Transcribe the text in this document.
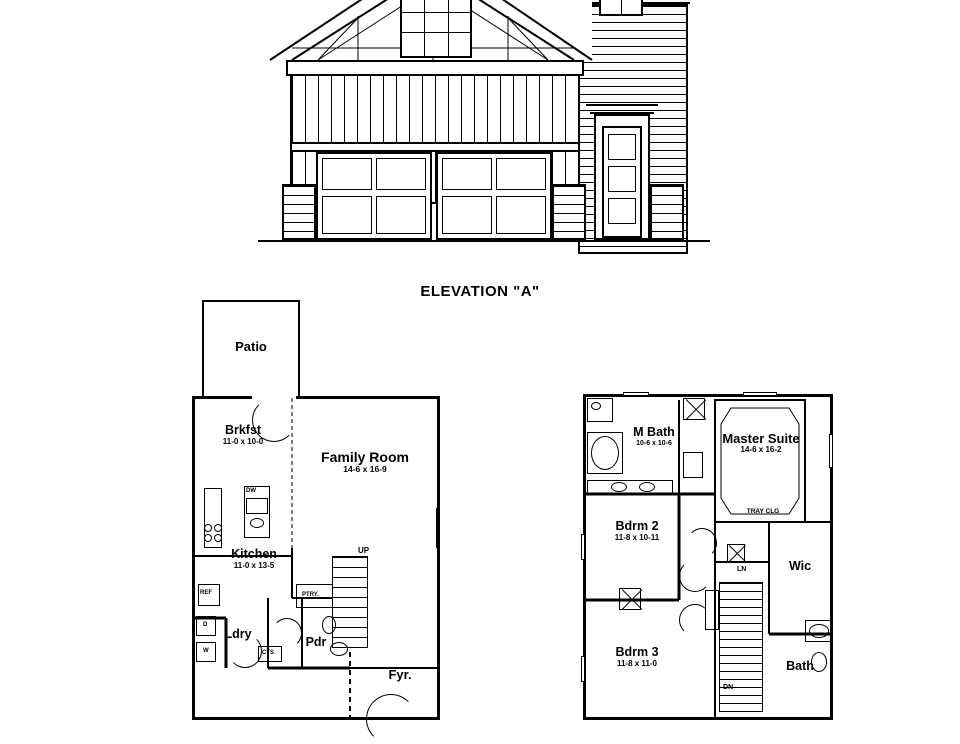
ELEVATION "A"
Patio
Brkfst
11-0 x 10-0
Family Room
14-6 x 16-9
Kitchen
11-0 x 13-5
DW
REF	PTRY.
UP
Ldry
D
W	CTS
Pdr
Fyr.
Master Suite
14-6 x 16-2
TRAY CLG
M Bath
10-6 x 10-6
Bdrm 2
11-8 x 10-11
Bdrm 3
11-8 x 11-0
Wic
Bath
DN
LN
